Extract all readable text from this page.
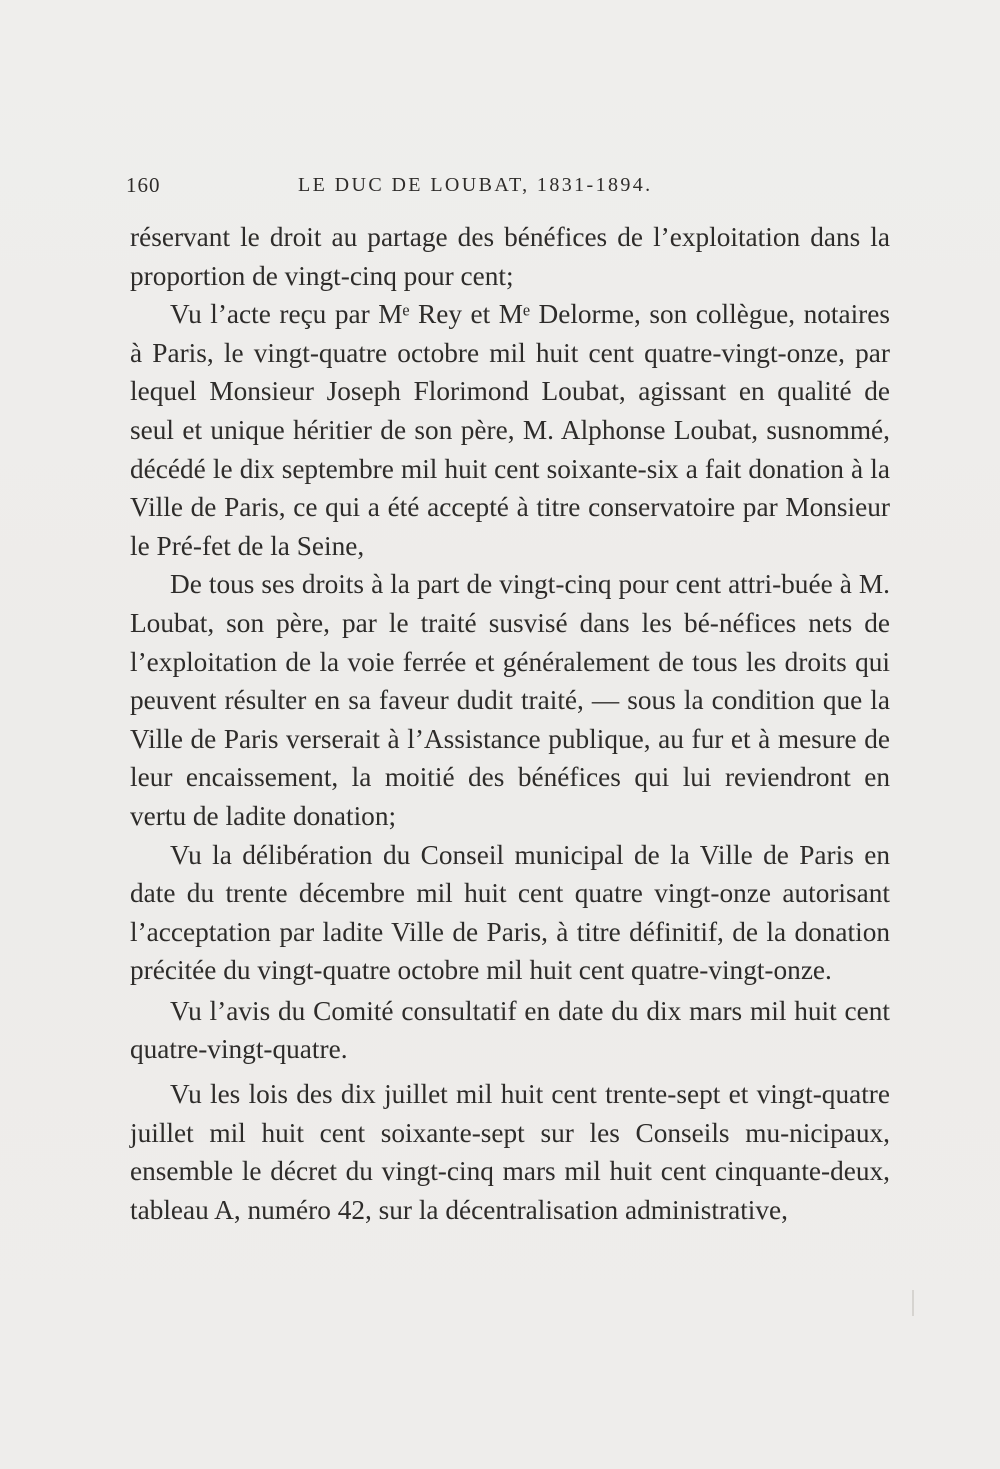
160	LE DUC DE LOUBAT, 1831-1894.

réservant le droit au partage des bénéfices de l’exploitation dans la proportion de vingt-cinq pour cent;

Vu l’acte reçu par Mᵉ Rey et Mᵉ Delorme, son collègue, notaires à Paris, le vingt-quatre octobre mil huit cent quatre-vingt-onze, par lequel Monsieur Joseph Florimond Loubat, agissant en qualité de seul et unique héritier de son père, M. Alphonse Loubat, susnommé, décédé le dix septembre mil huit cent soixante-six a fait donation à la Ville de Paris, ce qui a été accepté à titre conservatoire par Monsieur le Pré-fet de la Seine,

De tous ses droits à la part de vingt-cinq pour cent attri-buée à M. Loubat, son père, par le traité susvisé dans les bé-néfices nets de l’exploitation de la voie ferrée et généralement de tous les droits qui peuvent résulter en sa faveur dudit traité, — sous la condition que la Ville de Paris verserait à l’Assistance publique, au fur et à mesure de leur encaissement, la moitié des bénéfices qui lui reviendront en vertu de ladite donation;

Vu la délibération du Conseil municipal de la Ville de Paris en date du trente décembre mil huit cent quatre vingt-onze autorisant l’acceptation par ladite Ville de Paris, à titre définitif, de la donation précitée du vingt-quatre octobre mil huit cent quatre-vingt-onze.

Vu l’avis du Comité consultatif en date du dix mars mil huit cent quatre-vingt-quatre.

Vu les lois des dix juillet mil huit cent trente-sept et vingt-quatre juillet mil huit cent soixante-sept sur les Conseils mu-nicipaux, ensemble le décret du vingt-cinq mars mil huit cent cinquante-deux, tableau A, numéro 42, sur la décentralisation administrative,
